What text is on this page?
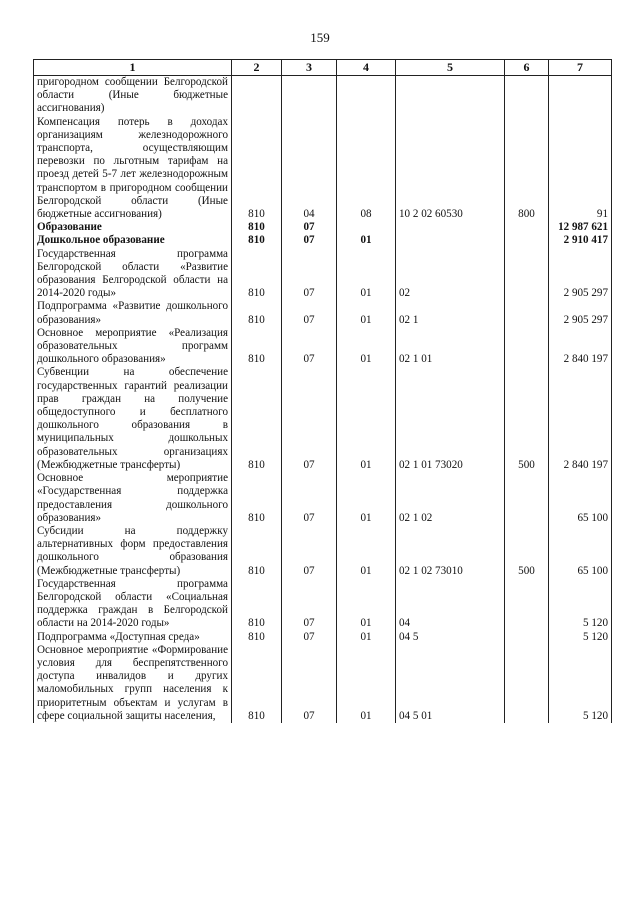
159
1	2	3	4	5	6	7
пригородном сообщении Белгородской области (Иные бюджетные ассигнования)						
Компенсация потерь в доходах организациям железнодорожного транспорта, осуществляющим перевозки по льготным тарифам на проезд детей 5-7 лет железнодорожным транспортом в пригородном сообщении Белгородской области (Иные бюджетные ассигнования)	810	04	08	10 2 02 60530	800	91
Образование	810	07				12 987 621
Дошкольное образование	810	07	01			2 910 417
Государственная программа Белгородской области «Развитие образования Белгородской области на 2014-2020 годы»	810	07	01	02		2 905 297
Подпрограмма «Развитие дошкольного образования»	810	07	01	02 1		2 905 297
Основное мероприятие «Реализация образовательных программ дошкольного образования»	810	07	01	02 1 01		2 840 197
Субвенции на обеспечение государственных гарантий реализации прав граждан на получение общедоступного и бесплатного дошкольного образования в муниципальных дошкольных образовательных организациях (Межбюджетные трансферты)	810	07	01	02 1 01 73020	500	2 840 197
Основное мероприятие «Государственная поддержка предоставления дошкольного образования»	810	07	01	02 1 02		65 100
Субсидии на поддержку альтернативных форм предоставления дошкольного образования (Межбюджетные трансферты)	810	07	01	02 1 02 73010	500	65 100
Государственная программа Белгородской области «Социальная поддержка граждан в Белгородской области на 2014-2020 годы»	810	07	01	04		5 120
Подпрограмма «Доступная среда»	810	07	01	04 5		5 120
Основное мероприятие «Формирование условия для беспрепятственного доступа инвалидов и других маломобильных групп населения к приоритетным объектам и услугам в сфере социальной защиты населения,	810	07	01	04 5 01		5 120
